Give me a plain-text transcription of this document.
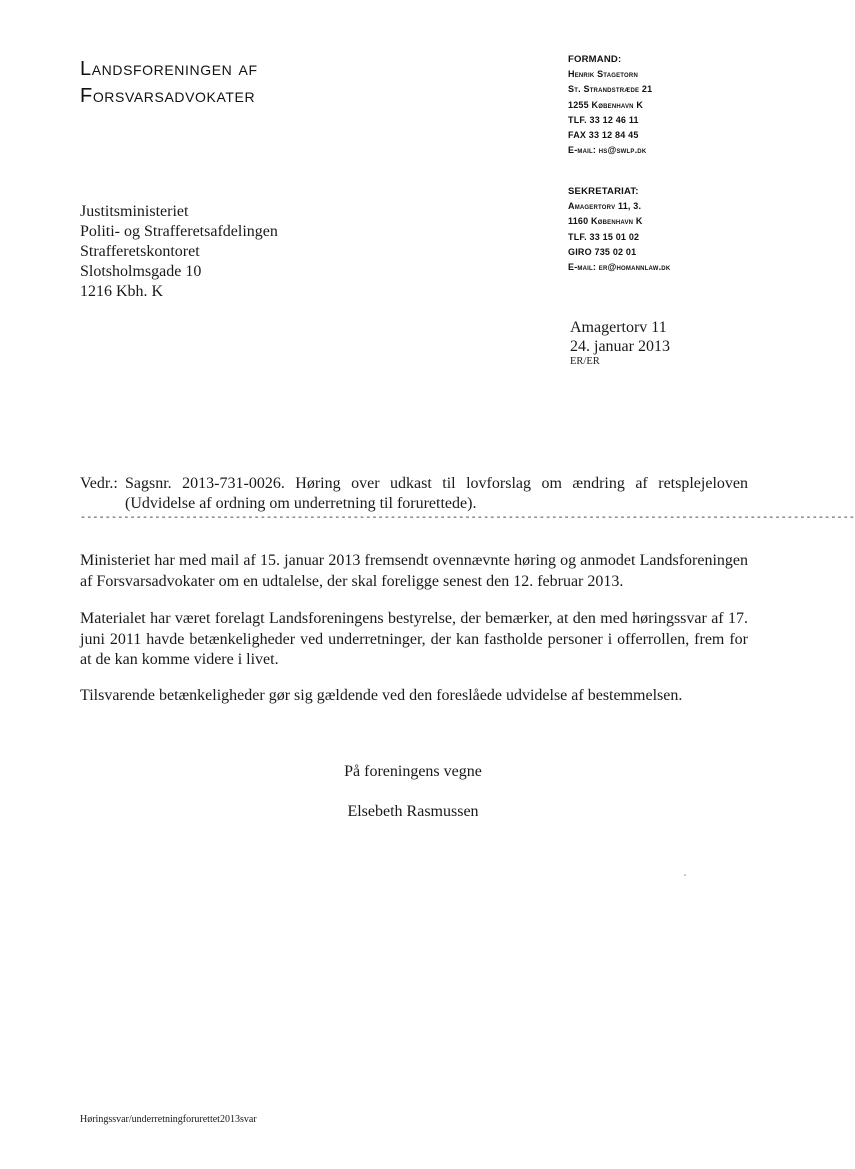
Landsforeningen af
Forsvarsadvokater
FORMAND:
Henrik Stagetorn
St. Strandstræde 21
1255 København K
TLF. 33 12 46 11
FAX 33 12 84 45
E-mail: hs@swlp.dk
SEKRETARIAT:
Amagertorv 11, 3.
1160 København K
TLF. 33 15 01 02
GIRO 735 02 01
E-mail: er@homannlaw.dk
Justitsministeriet
Politi- og Strafferetsafdelingen
Strafferetskontoret
Slotsholmsgade 10
1216 Kbh. K
Amagertorv 11
24. januar 2013
ER/ER
Vedr.: Sagsnr. 2013-731-0026. Høring over udkast til lovforslag om ændring af retsplejeloven
(Udvidelse af ordning om underretning til forurettede).
-----------------------------------------------------------------------------------------------------------------------------
Ministeriet har med mail af 15. januar 2013 fremsendt ovennævnte høring og anmodet Landsforeningen af Forsvarsadvokater om en udtalelse, der skal foreligge senest den 12. februar 2013.
Materialet har været forelagt Landsforeningens bestyrelse, der bemærker, at den med høringssvar af 17. juni 2011 havde betænkeligheder ved underretninger, der kan fastholde personer i offerrollen, frem for at de kan komme videre i livet.
Tilsvarende betænkeligheder gør sig gældende ved den foreslåede udvidelse af bestemmelsen.
På foreningens vegne
Elsebeth Rasmussen
Høringssvar/underretningforurettet2013svar
